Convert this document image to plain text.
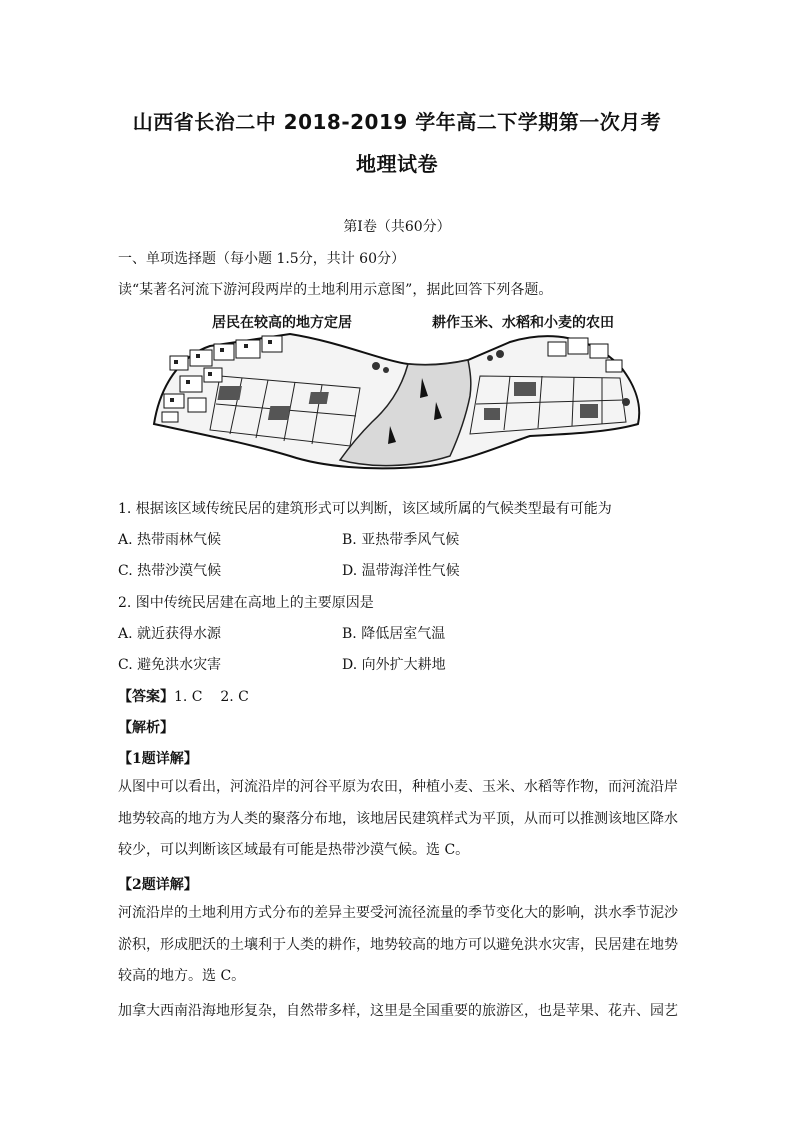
山西省长治二中 2018-2019 学年高二下学期第一次月考
地理试卷
第Ⅰ卷（共60分）
一、单项选择题（每小题 1.5分，共计 60分）
读“某著名河流下游河段两岸的土地利用示意图”，据此回答下列各题。
居民在较高的地方定居	耕作玉米、水稻和小麦的农田
1. 根据该区域传统民居的建筑形式可以判断，该区域所属的气候类型最有可能为
A. 热带雨林气候	B. 亚热带季风气候
C. 热带沙漠气候	D. 温带海洋性气候
2. 图中传统民居建在高地上的主要原因是
A. 就近获得水源	B. 降低居室气温
C. 避免洪水灾害	D. 向外扩大耕地
【答案】1. C    2. C
【解析】
【1题详解】
从图中可以看出，河流沿岸的河谷平原为农田，种植小麦、玉米、水稻等作物，而河流沿岸地势较高的地方为人类的聚落分布地，该地居民建筑样式为平顶，从而可以推测该地区降水较少，可以判断该区域最有可能是热带沙漠气候。选 C。
【2题详解】
河流沿岸的土地利用方式分布的差异主要受河流径流量的季节变化大的影响，洪水季节泥沙淤积，形成肥沃的土壤利于人类的耕作，地势较高的地方可以避免洪水灾害，民居建在地势较高的地方。选 C。
加拿大西南沿海地形复杂，自然带多样，这里是全国重要的旅游区，也是苹果、花卉、园艺
